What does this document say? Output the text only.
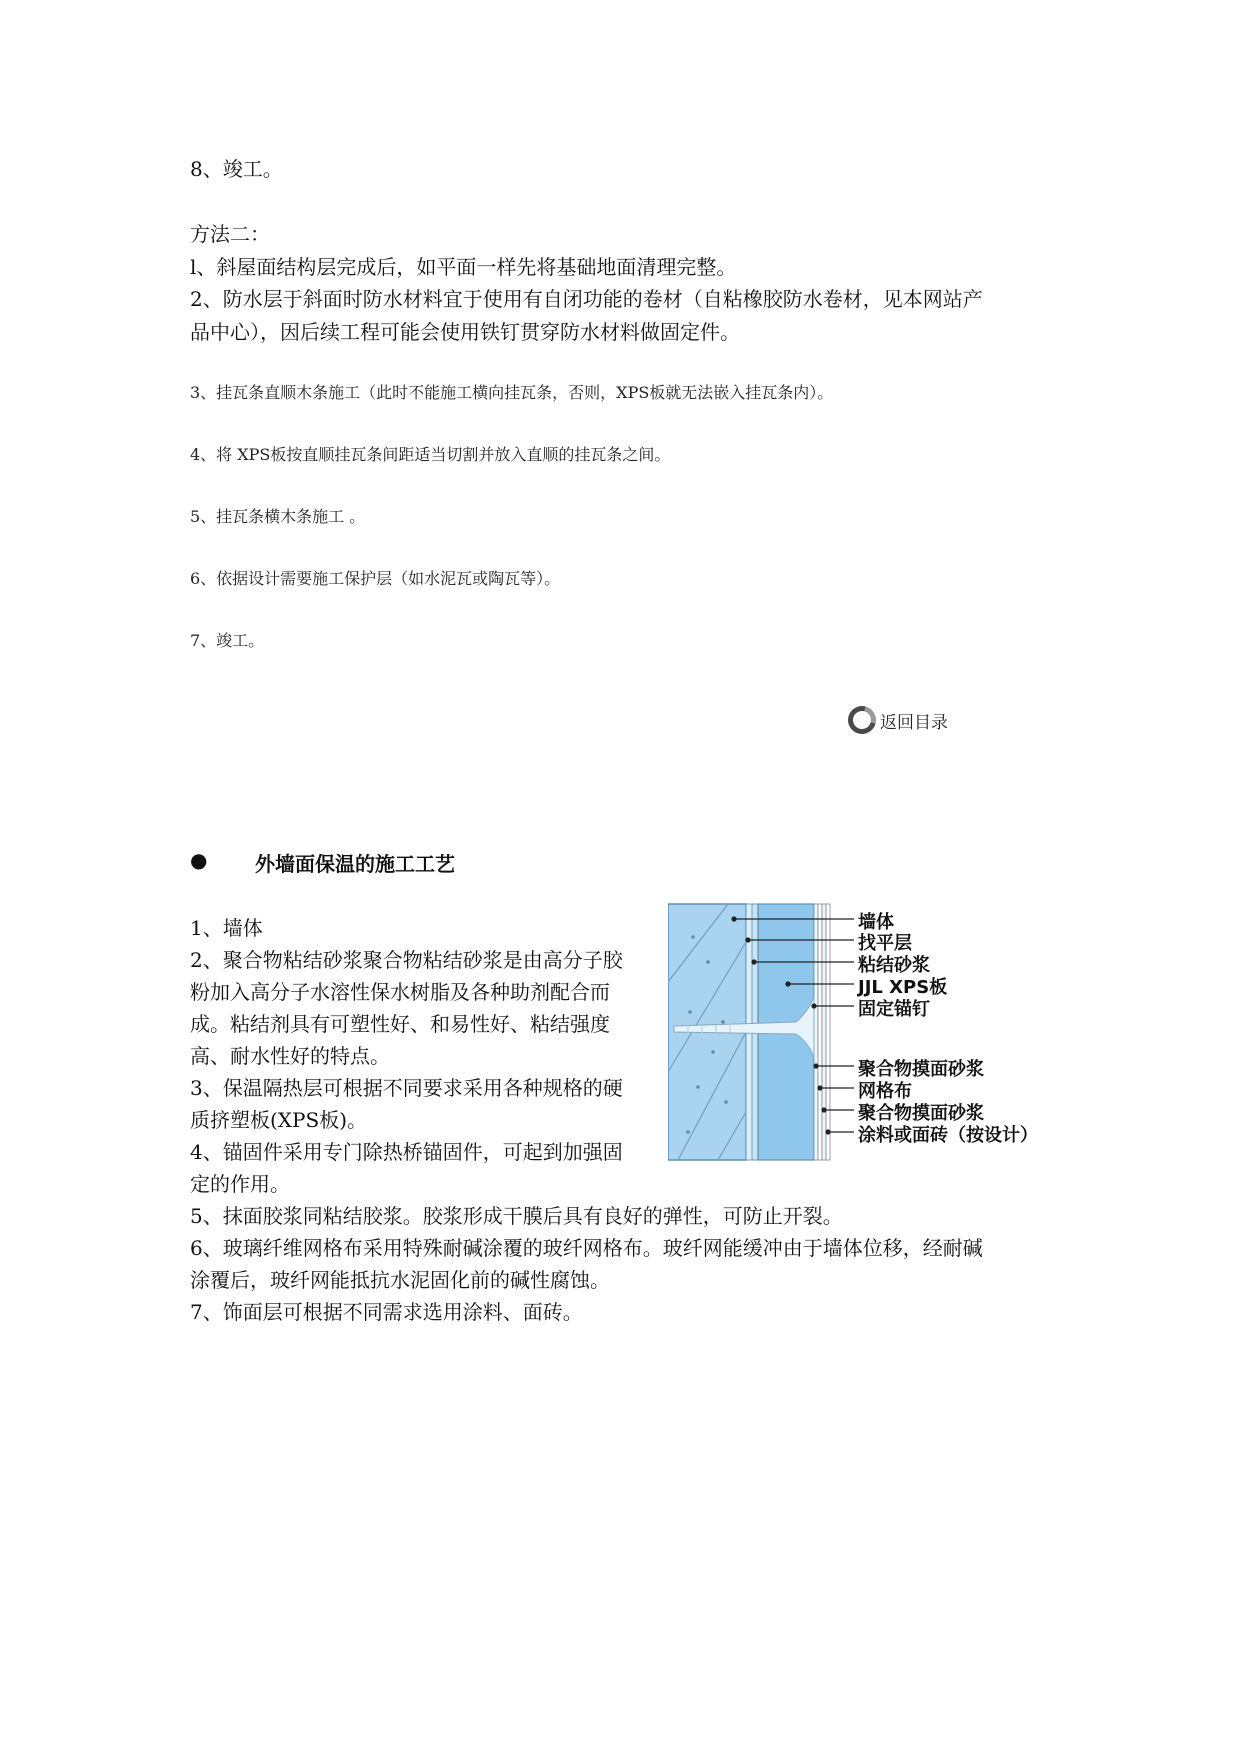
8、竣工。
方法二：
l、斜屋面结构层完成后，如平面一样先将基础地面清理完整。
2、防水层于斜面时防水材料宜于使用有自闭功能的卷材（自粘橡胶防水卷材，见本网站产
品中心），因后续工程可能会使用铁钉贯穿防水材料做固定件。
3、挂瓦条直顺木条施工（此时不能施工横向挂瓦条，否则，XPS板就无法嵌入挂瓦条内）。
4、将 XPS板按直顺挂瓦条间距适当切割并放入直顺的挂瓦条之间。
5、挂瓦条横木条施工 。
6、依据设计需要施工保护层（如水泥瓦或陶瓦等）。
7、竣工。
返回目录
● 外墙面保温的施工工艺
1、墙体
2、聚合物粘结砂浆聚合物粘结砂浆是由高分子胶
粉加入高分子水溶性保水树脂及各种助剂配合而
成。粘结剂具有可塑性好、和易性好、粘结强度
高、耐水性好的特点。
3、保温隔热层可根据不同要求采用各种规格的硬
质挤塑板(XPS板)。
4、锚固件采用专门除热桥锚固件，可起到加强固
定的作用。
5、抹面胶浆同粘结胶浆。胶浆形成干膜后具有良好的弹性，可防止开裂。
6、玻璃纤维网格布采用特殊耐碱涂覆的玻纤网格布。玻纤网能缓冲由于墙体位移，经耐碱
涂覆后，玻纤网能抵抗水泥固化前的碱性腐蚀。
7、饰面层可根据不同需求选用涂料、面砖。
墙体
找平层
粘结砂浆
JJL XPS板
固定锚钉
聚合物摸面砂浆
网格布
聚合物摸面砂浆
涂料或面砖（按设计）
